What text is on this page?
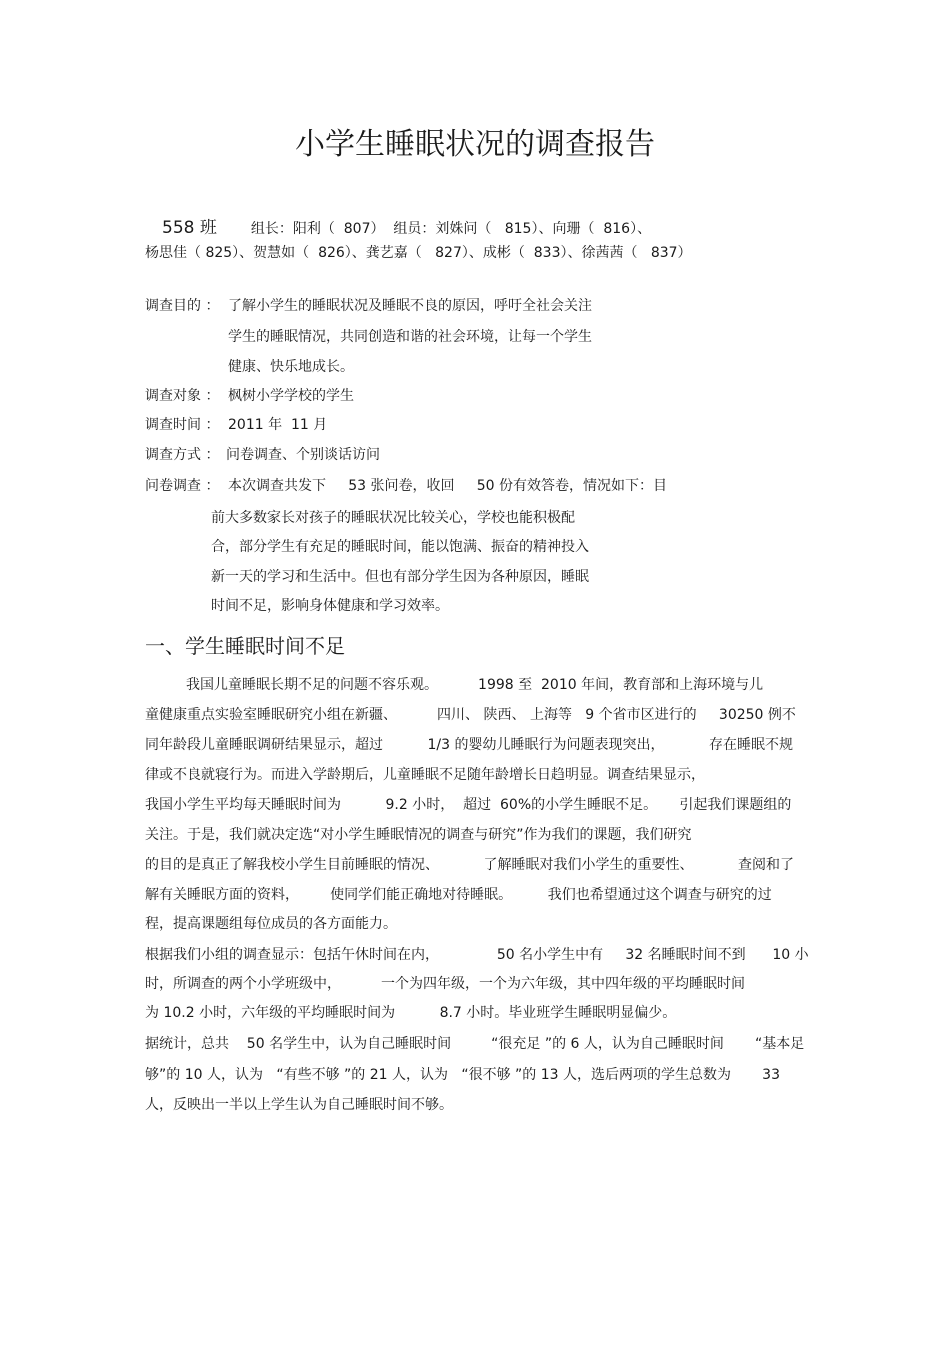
小学生睡眠状况的调查报告
558 班 组长：阳利（  807）  组员：刘姝问（   815）、向珊（  816）、
杨思佳（ 825）、贺慧如（  826）、龚艺嘉（   827）、成彬（  833）、徐茜茜（   837）
调查目的 ： 了解小学生的睡眠状况及睡眠不良的原因，呼吁全社会关注
学生的睡眠情况，共同创造和谐的社会环境，让每一个学生
健康、快乐地成长。
调查对象 ： 枫树小学学校的学生
调查时间 ： 2011 年  11 月
调查方式 ： 问卷调查、个别谈话访问
问卷调查 ： 本次调查共发下     53 张问卷，收回     50 份有效答卷，情况如下：目
前大多数家长对孩子的睡眠状况比较关心，学校也能积极配
合，部分学生有充足的睡眠时间，能以饱满、振奋的精神投入
新一天的学习和生活中。但也有部分学生因为各种原因，睡眠
时间不足，影响身体健康和学习效率。
一、学生睡眠时间不足
我国儿童睡眠长期不足的问题不容乐观。         1998 至  2010 年间，教育部和上海环境与儿
童健康重点实验室睡眠研究小组在新疆、         四川、 陕西、 上海等   9 个省市区进行的     30250 例不
同年龄段儿童睡眠调研结果显示，超过          1/3 的婴幼儿睡眠行为问题表现突出，          存在睡眠不规
律或不良就寝行为。而进入学龄期后，儿童睡眠不足随年龄增长日趋明显。调查结果显示，
我国小学生平均每天睡眠时间为          9.2 小时，  超过  60%的小学生睡眠不足。     引起我们课题组的
关注。于是，我们就决定选“对小学生睡眠情况的调查与研究”作为我们的课题，我们研究
的目的是真正了解我校小学生目前睡眠的情况、          了解睡眠对我们小学生的重要性、          查阅和了
解有关睡眠方面的资料，       使同学们能正确地对待睡眠。        我们也希望通过这个调查与研究的过
程，提高课题组每位成员的各方面能力。
根据我们小组的调查显示：包括午休时间在内，             50 名小学生中有     32 名睡眠时间不到      10 小
时，所调查的两个小学班级中，         一个为四年级，一个为六年级，其中四年级的平均睡眠时间
为 10.2 小时，六年级的平均睡眠时间为          8.7 小时。毕业班学生睡眠明显偏少。
据统计，总共    50 名学生中，认为自己睡眠时间         “很充足 ”的 6 人，认为自己睡眠时间       “基本足
够”的 10 人，认为   “有些不够 ”的 21 人，认为   “很不够 ”的 13 人，选后两项的学生总数为       33
人，反映出一半以上学生认为自己睡眠时间不够。
